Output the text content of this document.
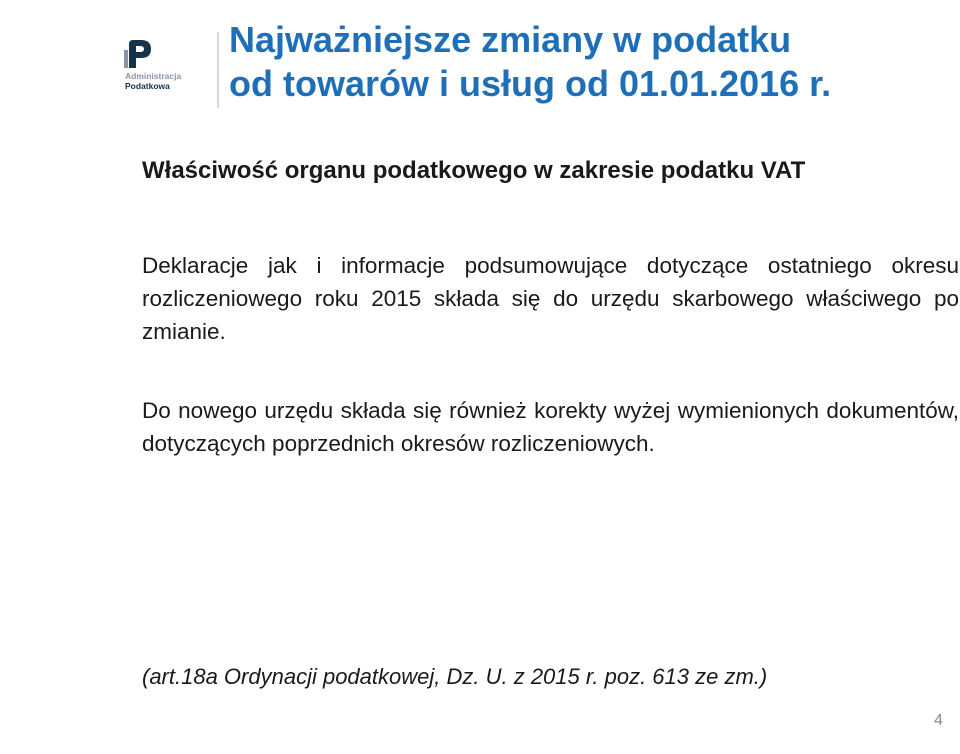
Administracja
Podatkowa
Najważniejsze zmiany w podatku
od towarów i usług od 01.01.2016 r.
Właściwość organu podatkowego w zakresie podatku VAT

Deklaracje jak i informacje podsumowujące dotyczące ostatniego okresu rozliczeniowego roku 2015 składa się do urzędu skarbowego właściwego po zmianie.

Do nowego urzędu składa się również korekty wyżej wymienionych dokumentów, dotyczących poprzednich okresów rozliczeniowych.

(art.18a Ordynacji podatkowej, Dz. U. z 2015 r. poz. 613 ze zm.)

4
